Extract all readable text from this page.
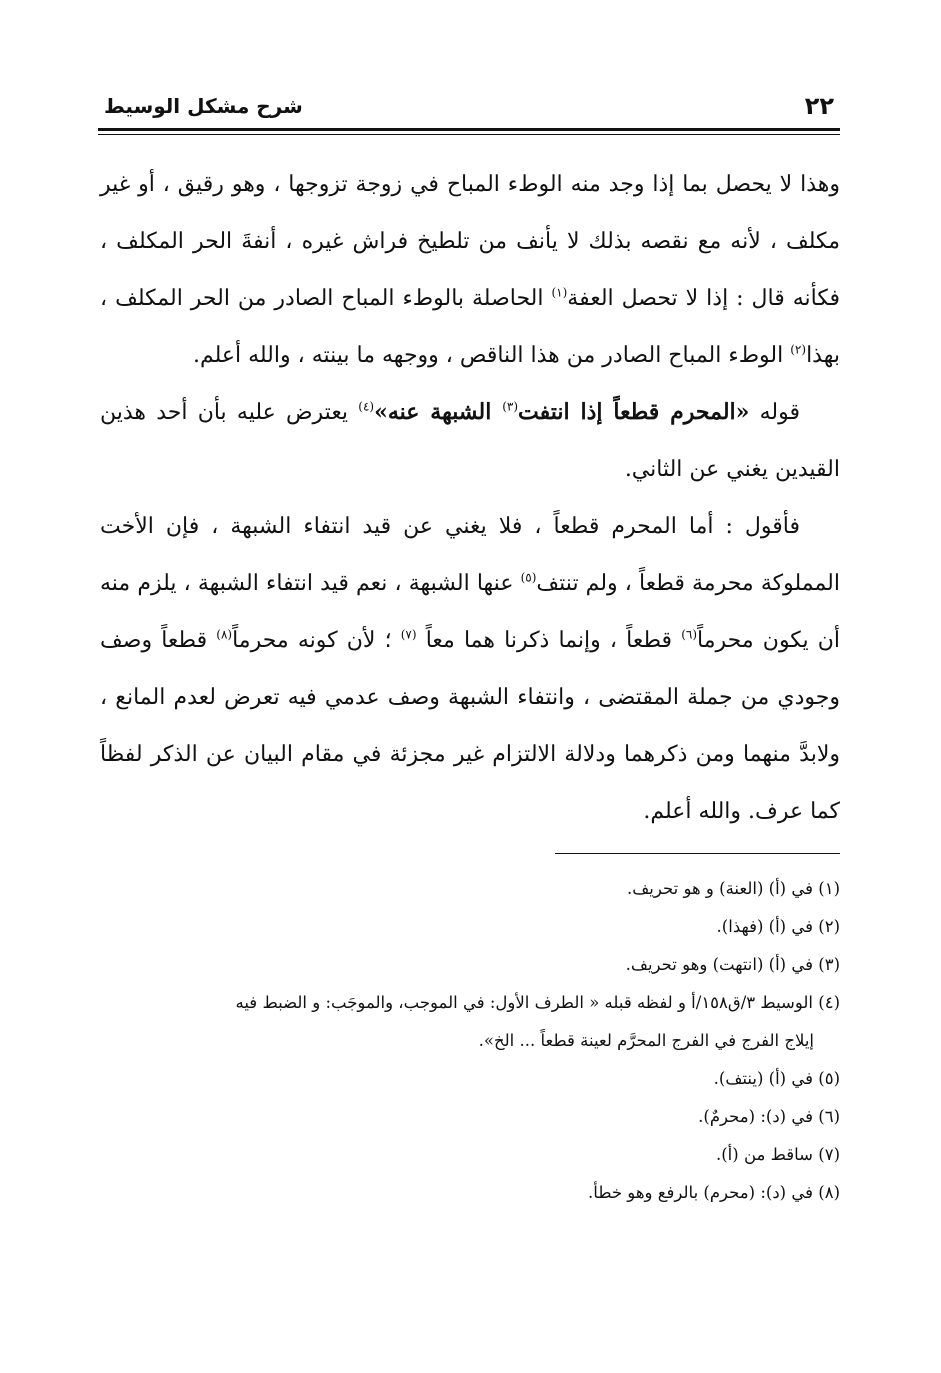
٢٢
شرح مشكل الوسيط

وهذا لا يحصل بما إذا وجد منه الوطء المباح في زوجة تزوجها ، وهو رقيق ، أو غير مكلف ، لأنه مع نقصه بذلك لا يأنف من تلطيخ فراش غيره ، أنفةَ الحر المكلف ، فكأنه قال : إذا لا تحصل العفة$^{(١)}$ الحاصلة بالوطء المباح الصادر من الحر المكلف ، بهذا$^{(٢)}$ الوطء المباح الصادر من هذا الناقص ، ووجهه ما بينته ، والله أعلم.

قوله «المحرم قطعاً إذا انتفت$^{(٣)}$ الشبهة عنه»$^{(٤)}$ يعترض عليه بأن أحد هذين القيدين يغني عن الثاني.

فأقول : أما المحرم قطعاً ، فلا يغني عن قيد انتفاء الشبهة ، فإن الأخت المملوكة محرمة قطعاً ، ولم تنتف$^{(٥)}$ عنها الشبهة ، نعم قيد انتفاء الشبهة ، يلزم منه أن يكون محرماً$^{(٦)}$ قطعاً ، وإنما ذكرنا هما معاً $^{(٧)}$ ؛ لأن كونه محرماً$^{(٨)}$ قطعاً وصف وجودي من جملة المقتضى ، وانتفاء الشبهة وصف عدمي فيه تعرض لعدم المانع ، ولابدَّ منهما ومن ذكرهما ودلالة الالتزام غير مجزئة في مقام البيان عن الذكر لفظاً كما عرف. والله أعلم.

(١) في (أ) (العنة) و هو تحريف.

(٢) في (أ) (فهذا).

(٣) في (أ) (انتهت) وهو تحريف.

(٤) الوسيط ٣/ق١٥٨/أ و لفظه قبله « الطرف الأول: في الموجب، والموجَب: و الضبط فيه

إيلاج الفرج في الفرج المحرَّم لعينة قطعاً ... الخ».

(٥) في (أ) (ينتف).

(٦) في (د): (محرمٌ).

(٧) ساقط من (أ).

(٨) في (د): (محرم) بالرفع وهو خطأ.
